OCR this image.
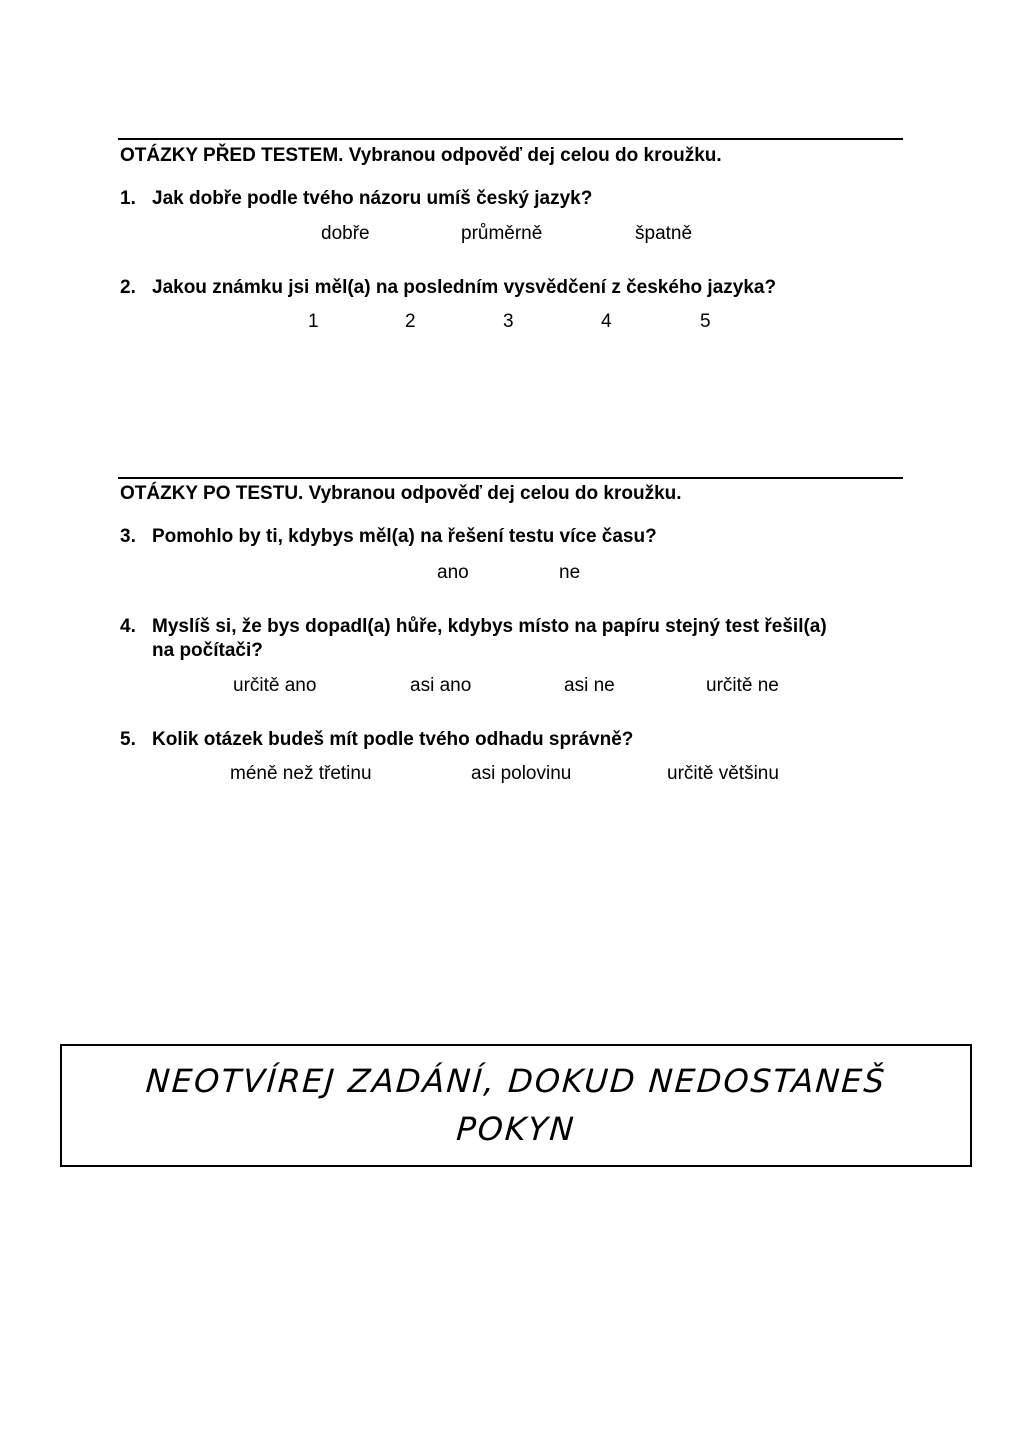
OTÁZKY PŘED TESTEM. Vybranou odpověď dej celou do kroužku.
1. Jak dobře podle tvého názoru umíš český jazyk?
dobře	průměrně	špatně
2. Jakou známku jsi měl(a) na posledním vysvědčení z českého jazyka?
1	2	3	4	5
OTÁZKY PO TESTU. Vybranou odpověď dej celou do kroužku.
3. Pomohlo by ti, kdybys měl(a) na řešení testu více času?
ano	ne
4. Myslíš si, že bys dopadl(a) hůře, kdybys místo na papíru stejný test řešil(a)
na počítači?
určitě ano	asi ano	asi ne	určitě ne
5. Kolik otázek budeš mít podle tvého odhadu správně?
méně než třetinu	asi polovinu	určitě většinu
NEOTVÍREJ ZADÁNÍ, DOKUD NEDOSTANEŠ
POKYN
